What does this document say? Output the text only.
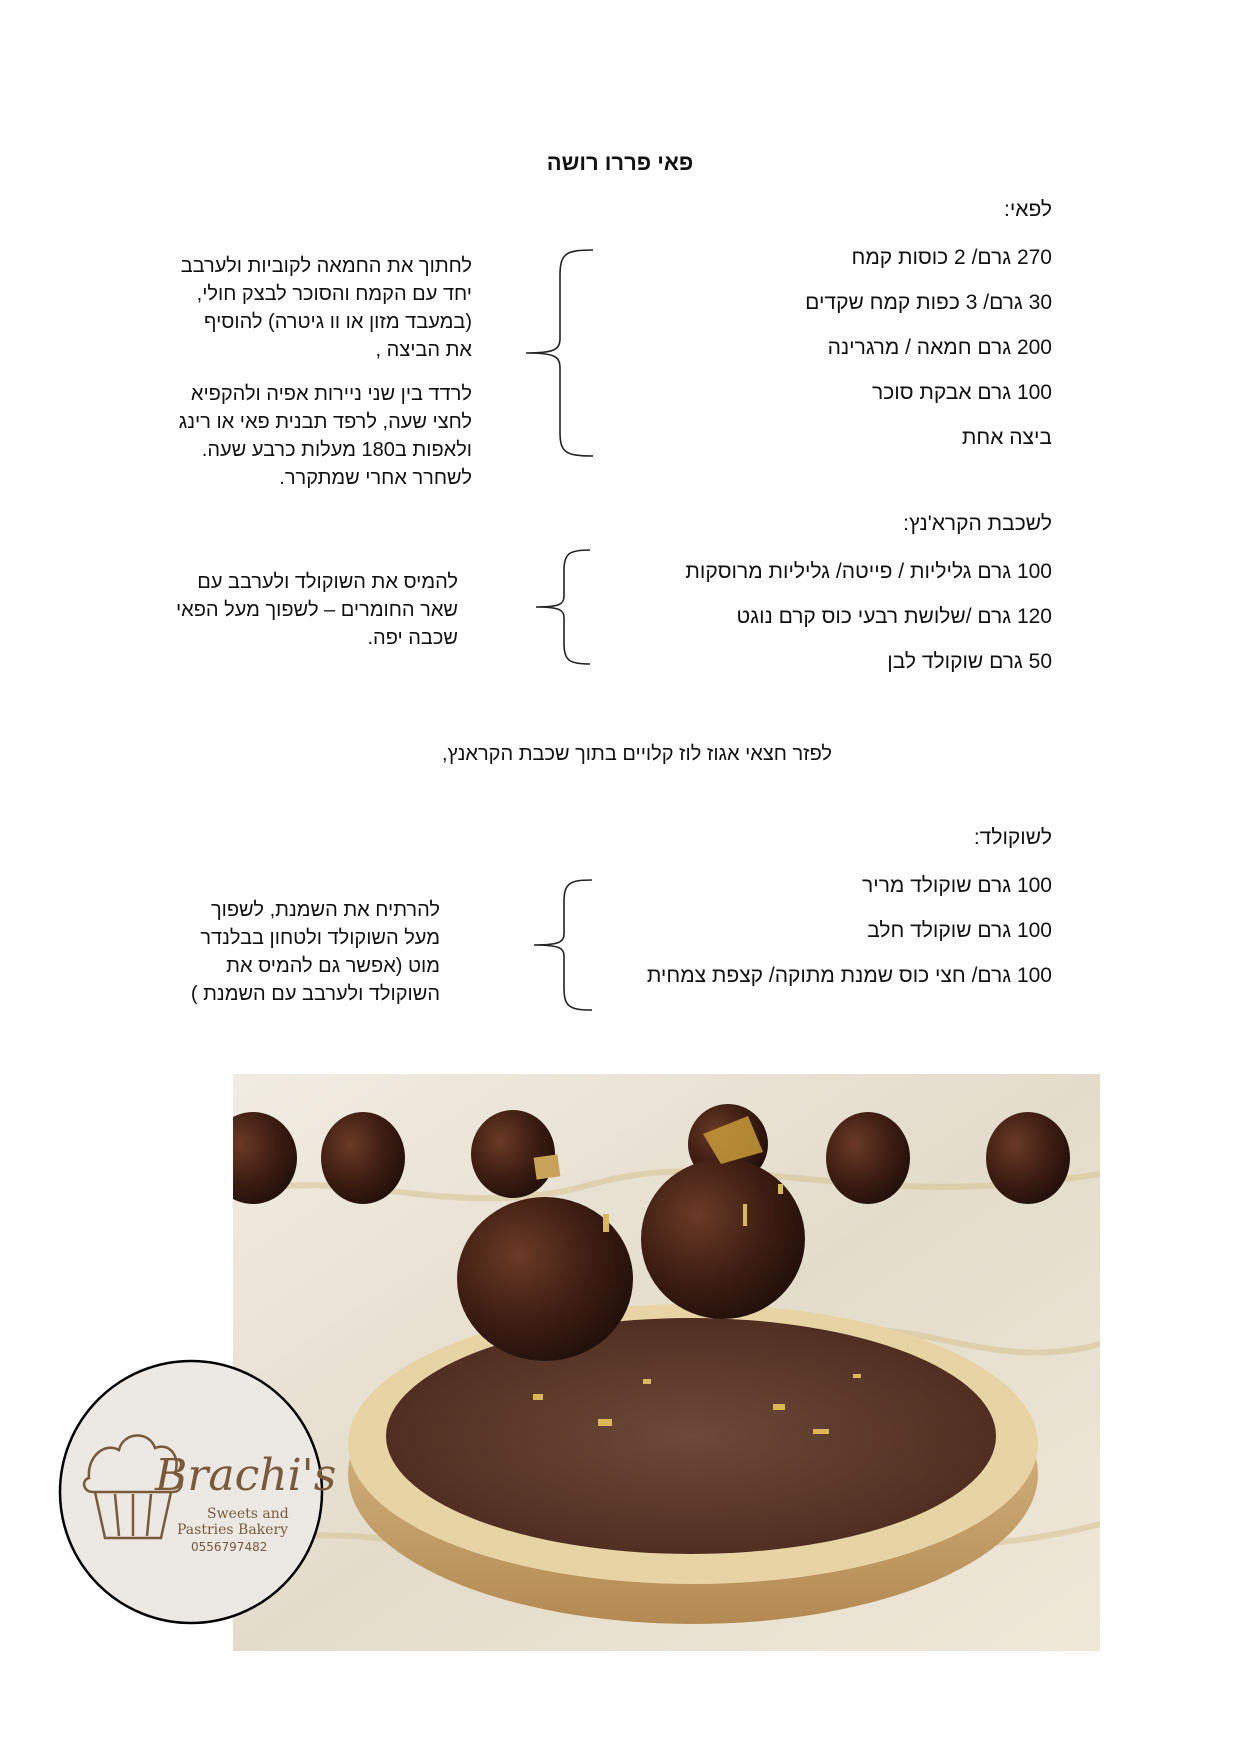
פאי פררו רושה
לפאי:
270 גרם/ 2 כוסות קמח
30 גרם/ 3 כפות קמח שקדים
200 גרם חמאה / מרגרינה
100 גרם אבקת סוכר
ביצה אחת
לחתוך את החמאה לקוביות ולערבב
יחד עם הקמח והסוכר לבצק חולי,
(במעבד מזון או וו גיטרה) להוסיף
את הביצה ,
לרדד בין שני ניירות אפיה ולהקפיא
לחצי שעה, לרפד תבנית פאי או רינג
ולאפות ב180 מעלות כרבע שעה.
לשחרר אחרי שמתקרר.
לשכבת הקרא'נץ:
100 גרם גליליות / פייטה/ גליליות מרוסקות
120 גרם /שלושת רבעי כוס קרם נוגט
50 גרם שוקולד לבן
להמיס את השוקולד ולערבב עם
שאר החומרים – לשפוך מעל הפאי
שכבה יפה.
לפזר חצאי אגוז לוז קלויים בתוך שכבת הקראנץ,
לשוקולד:
100 גרם שוקולד מריר
100 גרם שוקולד חלב
100 גרם/ חצי כוס שמנת מתוקה/ קצפת צמחית
להרתיח את השמנת, לשפוך
מעל השוקולד ולטחון בבלנדר
מוט (אפשר גם להמיס את
השוקולד ולערבב עם השמנת )
Brachi's
Sweets and
Pastries Bakery
0556797482
